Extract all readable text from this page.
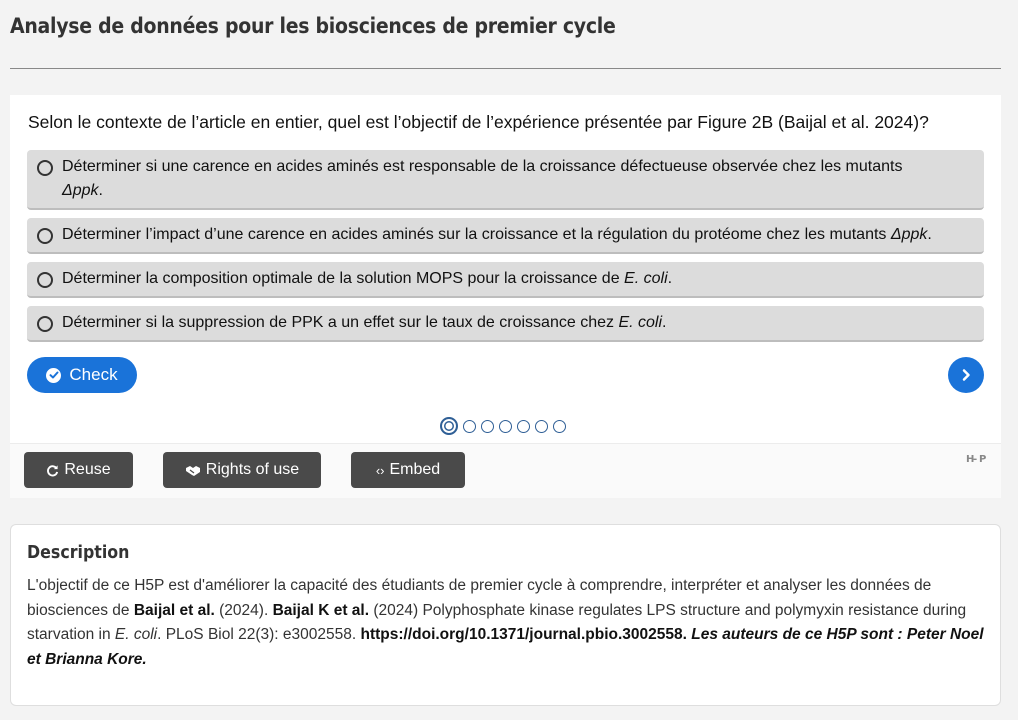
Analyse de données pour les biosciences de premier cycle
Selon le contexte de l’article en entier, quel est l’objectif de l’expérience présentée par Figure 2B (Baijal et al. 2024)?
Déterminer si une carence en acides aminés est responsable de la croissance défectueuse observée chez les mutants
Δppk.
Déterminer l’impact d’une carence en acides aminés sur la croissance et la régulation du protéome chez les mutants Δppk.
Déterminer la composition optimale de la solution MOPS pour la croissance de E. coli.
Déterminer si la suppression de PPK a un effet sur le taux de croissance chez E. coli.
Check
Reuse	Rights of use	‹› Embed
H - P
Description
L'objectif de ce H5P est d'améliorer la capacité des étudiants de premier cycle à comprendre, interpréter et analyser les données de biosciences de Baijal et al. (2024). Baijal K et al. (2024) Polyphosphate kinase regulates LPS structure and polymyxin resistance during starvation in E. coli. PLoS Biol 22(3): e3002558. https://doi.org/10.1371/journal.pbio.3002558. Les auteurs de ce H5P sont : Peter Noel et Brianna Kore.
